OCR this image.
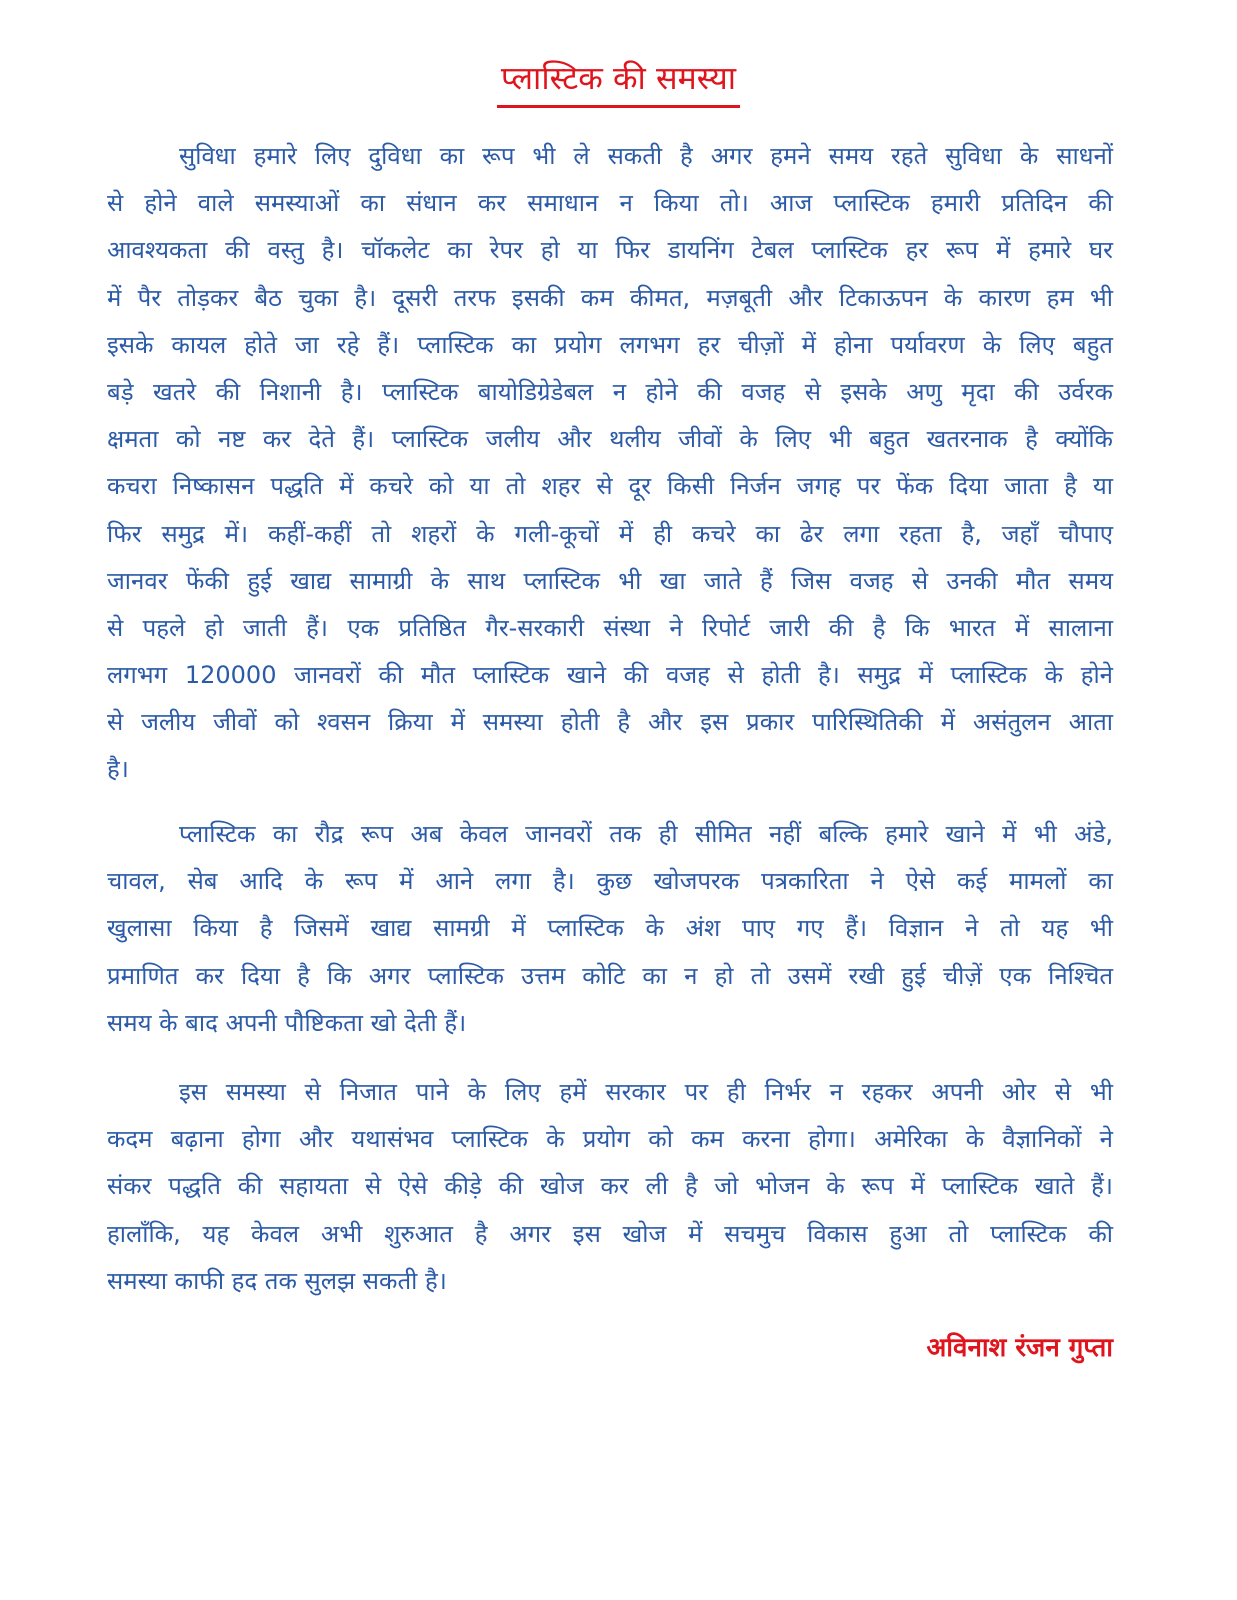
प्लास्टिक की समस्या
सुविधा हमारे लिए दुविधा का रूप भी ले सकती है अगर हमने समय रहते सुविधा के साधनों
से होने वाले समस्याओं का संधान कर समाधान न किया तो। आज प्लास्टिक हमारी प्रतिदिन की
आवश्यकता की वस्तु है। चॉकलेट का रेपर हो या फिर डायनिंग टेबल प्लास्टिक हर रूप में हमारे घर
में पैर तोड़कर बैठ चुका है। दूसरी तरफ इसकी कम कीमत, मज़बूती और टिकाऊपन के कारण हम भी
इसके कायल होते जा रहे हैं। प्लास्टिक का प्रयोग लगभग हर चीज़ों में होना पर्यावरण के लिए बहुत
बड़े खतरे की निशानी है। प्लास्टिक बायोडिग्रेडेबल न होने की वजह से इसके अणु मृदा की उर्वरक
क्षमता को नष्ट कर देते हैं। प्लास्टिक जलीय और थलीय जीवों के लिए भी बहुत खतरनाक है क्योंकि
कचरा निष्कासन पद्धति में कचरे को या तो शहर से दूर किसी निर्जन जगह पर फेंक दिया जाता है या
फिर समुद्र में। कहीं-कहीं तो शहरों के गली-कूचों में ही कचरे का ढेर लगा रहता है, जहाँ चौपाए
जानवर फेंकी हुई खाद्य सामाग्री के साथ प्लास्टिक भी खा जाते हैं जिस वजह से उनकी मौत समय
से पहले हो जाती हैं। एक प्रतिष्ठित गैर-सरकारी संस्था ने रिपोर्ट जारी की है कि भारत में सालाना
लगभग 120000 जानवरों की मौत प्लास्टिक खाने की वजह से होती है। समुद्र में प्लास्टिक के होने
से जलीय जीवों को श्वसन क्रिया में समस्या होती है और इस प्रकार पारिस्थितिकी में असंतुलन आता
है।
प्लास्टिक का रौद्र रूप अब केवल जानवरों तक ही सीमित नहीं बल्कि हमारे खाने में भी अंडे,
चावल, सेब आदि के रूप में आने लगा है। कुछ खोजपरक पत्रकारिता ने ऐसे कई मामलों का
खुलासा किया है जिसमें खाद्य सामग्री में प्लास्टिक के अंश पाए गए हैं। विज्ञान ने तो यह भी
प्रमाणित कर दिया है कि अगर प्लास्टिक उत्तम कोटि का न हो तो उसमें रखी हुई चीज़ें एक निश्चित
समय के बाद अपनी पौष्टिकता खो देती हैं।
इस समस्या से निजात पाने के लिए हमें सरकार पर ही निर्भर न रहकर अपनी ओर से भी
कदम बढ़ाना होगा और यथासंभव प्लास्टिक के प्रयोग को कम करना होगा। अमेरिका के वैज्ञानिकों ने
संकर पद्धति की सहायता से ऐसे कीड़े की खोज कर ली है जो भोजन के रूप में प्लास्टिक खाते हैं।
हालाँकि, यह केवल अभी शुरुआत है अगर इस खोज में सचमुच विकास हुआ तो प्लास्टिक की
समस्या काफी हद तक सुलझ सकती है।
अविनाश रंजन गुप्ता
